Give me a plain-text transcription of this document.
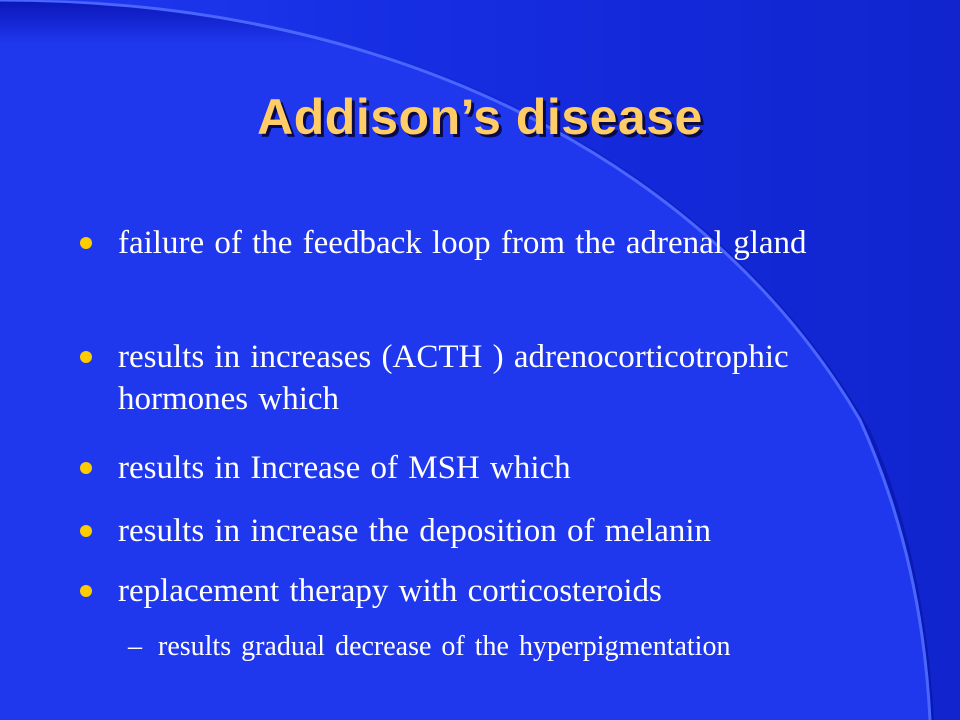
Addison’s disease
failure of the feedback loop from the adrenal gland
results in increases (ACTH ) adrenocorticotrophic hormones which
results in Increase of MSH which
results in increase the deposition of melanin
replacement therapy with corticosteroids
– results gradual decrease of the hyperpigmentation
